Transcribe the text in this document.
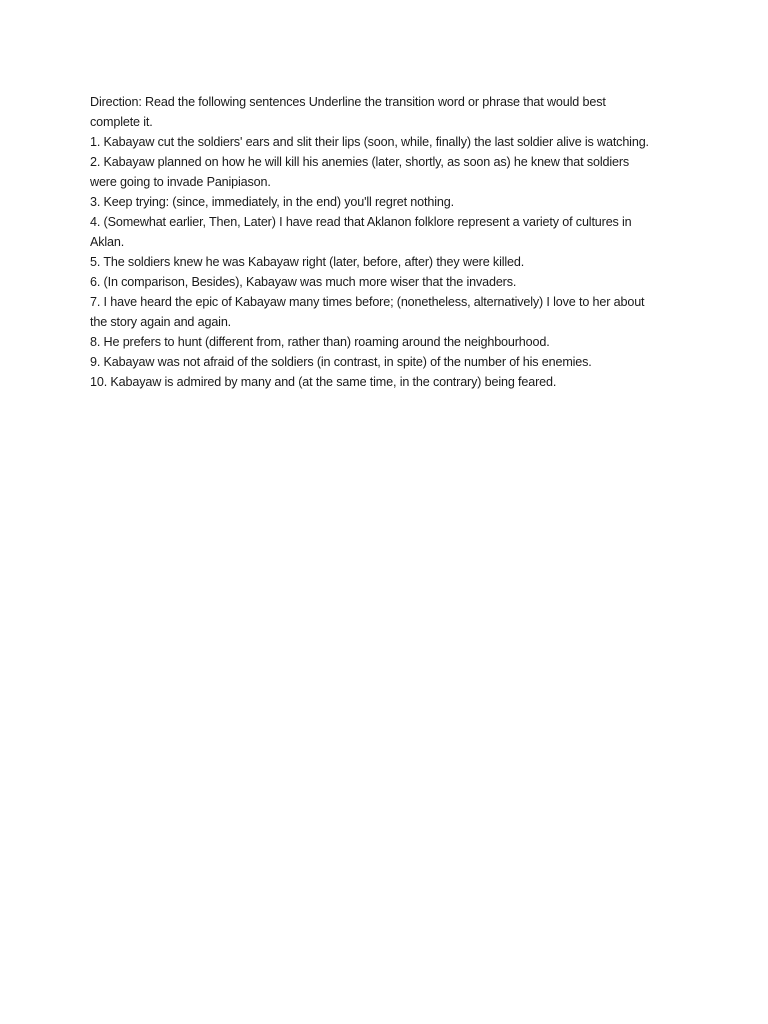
Direction: Read the following sentences Underline the transition word or phrase that would best
complete it.
1. Kabayaw cut the soldiers' ears and slit their lips (soon, while, finally) the last soldier alive is watching.
2. Kabayaw planned on how he will kill his anemies (later, shortly, as soon as) he knew that soldiers
were going to invade Panipiason.
3. Keep trying: (since, immediately, in the end) you'll regret nothing.
4. (Somewhat earlier, Then, Later) I have read that Aklanon folklore represent a variety of cultures in
Aklan.
5. The soldiers knew he was Kabayaw right (later, before, after) they were killed.
6. (In comparison, Besides), Kabayaw was much more wiser that the invaders.
7. I have heard the epic of Kabayaw many times before; (nonetheless, alternatively) I love to her about
the story again and again.
8. He prefers to hunt (different from, rather than) roaming around the neighbourhood.
9. Kabayaw was not afraid of the soldiers (in contrast, in spite) of the number of his enemies.
10. Kabayaw is admired by many and (at the same time, in the contrary) being feared.
